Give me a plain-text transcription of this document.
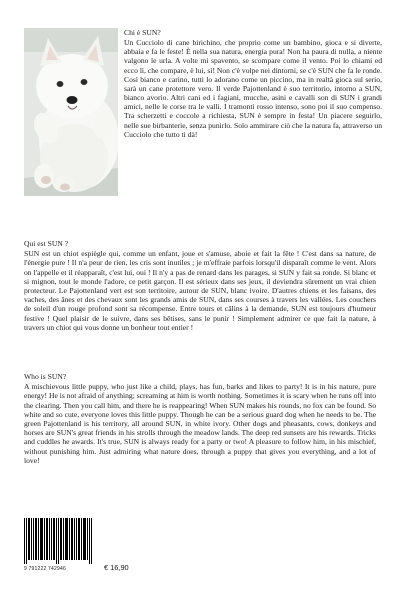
Chi è SUN?

Un Cucciolo di cane birichino, che proprio come un bambino, gioca e si diverte, abbaia e fa le feste! È nella sua natura, energia pura! Non ha paura di nulla, a niente valgono le urla. A volte mi spavento, se scompare come il vento. Poi lo chiami ed ecco lì, che compare, è lui, sì! Non c'è volpe nei dintorni, se c'è SUN che fa le ronde. Così bianco e carino, tutti lo adorano come un piccino, ma in realtà gioca sul serio, sarà un cane protettore vero. Il verde Pajottenland è suo territorio, intorno a SUN, bianco avorio. Altri cani ed i fagiani, mucche, asini e cavalli son di SUN i grandi amici, nelle le corse tra le valli. I tramonti rosso intenso, sono poi il suo compenso. Tra scherzetti e coccole a richiesta, SUN è sempre in festa! Un piacere seguirlo, nelle sue birbanterie, senza punirlo. Solo ammirare ciò che la natura fa, attraverso un Cucciolo che tutto ti dà!

Qui est SUN ?

SUN est un chiot espiègle qui, comme un enfant, joue et s'amuse, aboie et fait la fête ! C'est dans sa nature, de l'énergie pure ! Il n'a peur de rien, les cris sont inutiles ; je m'effraie parfois lorsqu'il disparaît comme le vent. Alors on l'appelle et il réapparaît, c'est lui, oui ! Il n'y a pas de renard dans les parages, si SUN y fait sa ronde. Si blanc et si mignon, tout le monde l'adore, ce petit garçon. Il est sérieux dans ses jeux, il deviendra sûrement un vrai chien protecteur. Le Pajottenland vert est son territoire, autour de SUN, blanc ivoire. D'autres chiens et les faisans, des vaches, des ânes et des chevaux sont les grands amis de SUN, dans ses courses à travers les vallées. Les couchers de soleil d'un rouge profond sont sa récompense. Entre tours et câlins à la demande, SUN est toujours d'humeur festive ! Quel plaisir de le suivre, dans ses bêtises, sans le punir ! Simplement admirer ce que fait la nature, à travers un chiot qui vous donne un bonheur tout entier !

Who is SUN?

A mischievous little puppy, who just like a child, plays, has fun, barks and likes to party! It is in his nature, pure energy! He is not afraid of anything; screaming at him is worth nothing. Sometimes it is scary when he runs off into the clearing. Then you call him, and there he is reappearing! When SUN makes his rounds, no fox can be found. So white and so cute, everyone loves this little puppy. Though he can be a serious guard dog when he needs to be. The green Pajottenland is his territory, all around SUN, in white ivory. Other dogs and pheasants, cows, donkeys and horses are SUN's great friends in his strolls through the meadow lands. The deep red sunsets are his rewards. Tricks and cuddles he awards. It's true, SUN is always ready for a party or two! A pleasure to follow him, in his mischief, without punishing him. Just admiring what nature does, through a puppy that gives you everything, and a lot of love!

9 791222 742946	€ 16,90
